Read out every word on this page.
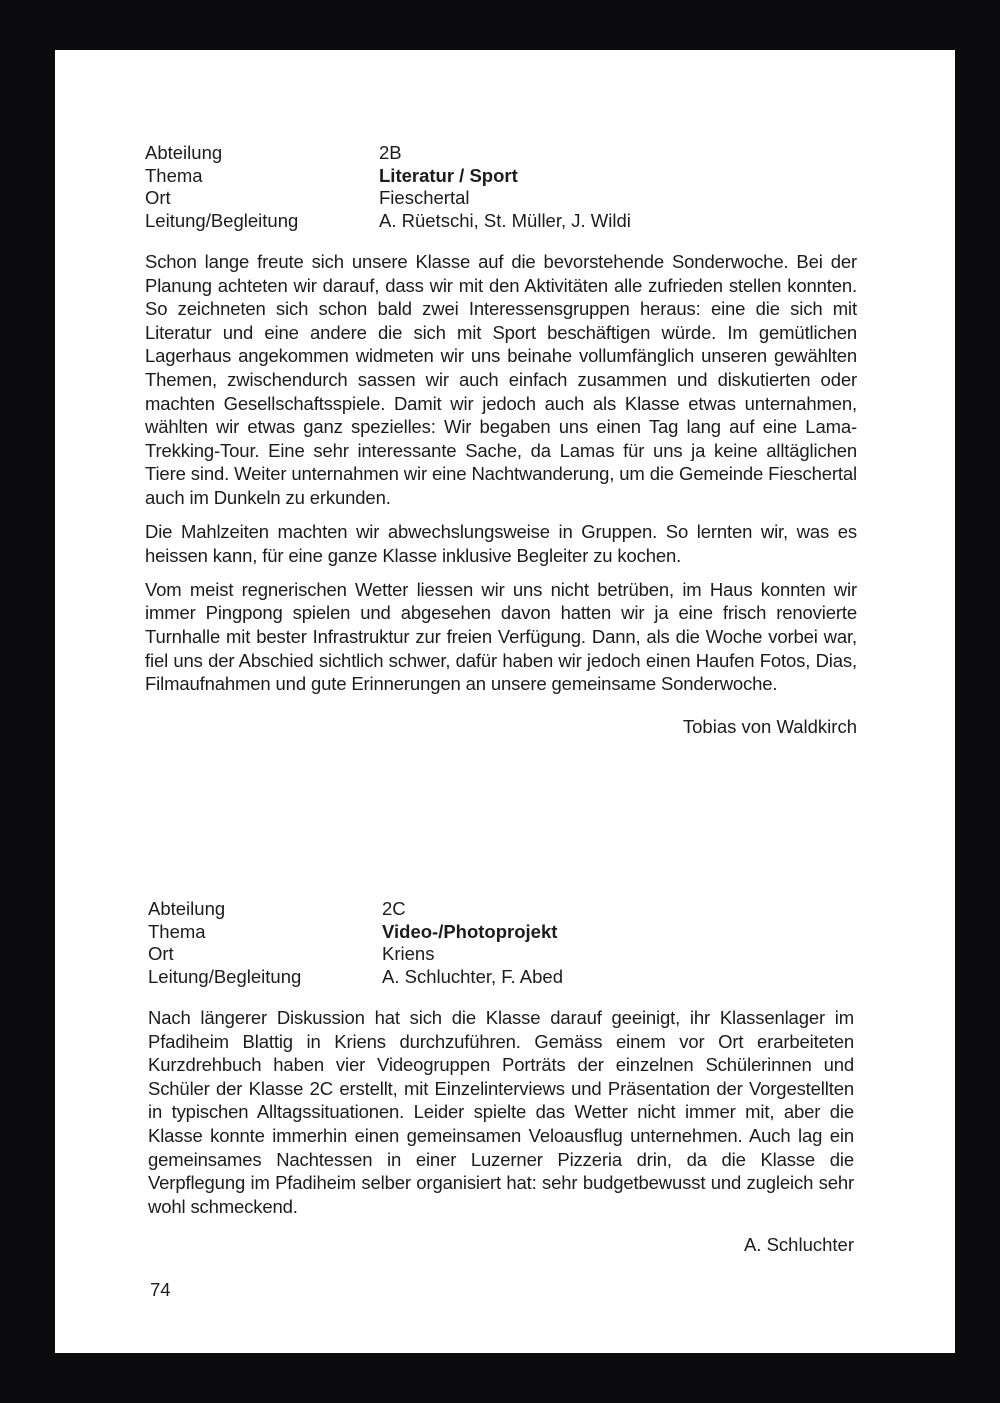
Abteilung	2B
Thema	Literatur / Sport
Ort	Fieschertal
Leitung/Begleitung	A. Rüetschi, St. Müller, J. Wildi

Schon lange freute sich unsere Klasse auf die bevorstehende Sonderwoche. Bei der Planung achteten wir darauf, dass wir mit den Aktivitäten alle zufrieden stellen konnten. So zeichneten sich schon bald zwei Interessensgruppen heraus: eine die sich mit Literatur und eine andere die sich mit Sport beschäftigen würde. Im gemütlichen Lagerhaus angekommen widmeten wir uns beinahe vollumfänglich unseren gewählten Themen, zwischendurch sassen wir auch einfach zusammen und diskutierten oder machten Gesellschaftsspiele. Damit wir jedoch auch als Klasse etwas unternahmen, wählten wir etwas ganz spezielles: Wir begaben uns einen Tag lang auf eine Lama-Trekking-Tour. Eine sehr interessante Sache, da Lamas für uns ja keine alltäglichen Tiere sind. Weiter unternahmen wir eine Nachtwanderung, um die Gemeinde Fieschertal auch im Dunkeln zu erkunden.

Die Mahlzeiten machten wir abwechslungsweise in Gruppen. So lernten wir, was es heissen kann, für eine ganze Klasse inklusive Begleiter zu kochen.

Vom meist regnerischen Wetter liessen wir uns nicht betrüben, im Haus konnten wir immer Pingpong spielen und abgesehen davon hatten wir ja eine frisch renovierte Turnhalle mit bester Infrastruktur zur freien Verfügung. Dann, als die Woche vorbei war, fiel uns der Abschied sichtlich schwer, dafür haben wir jedoch einen Haufen Fotos, Dias, Filmaufnahmen und gute Erinnerungen an unsere gemeinsame Sonderwoche.

Tobias von Waldkirch
Abteilung	2C
Thema	Video-/Photoprojekt
Ort	Kriens
Leitung/Begleitung	A. Schluchter, F. Abed

Nach längerer Diskussion hat sich die Klasse darauf geeinigt, ihr Klassenlager im Pfadiheim Blattig in Kriens durchzuführen. Gemäss einem vor Ort erarbeiteten Kurzdrehbuch haben vier Videogruppen Porträts der einzelnen Schülerinnen und Schüler der Klasse 2C erstellt, mit Einzelinterviews und Präsentation der Vorgestellten in typischen Alltagssituationen. Leider spielte das Wetter nicht immer mit, aber die Klasse konnte immerhin einen gemeinsamen Veloausflug unternehmen. Auch lag ein gemeinsames Nachtessen in einer Luzerner Pizzeria drin, da die Klasse die Verpflegung im Pfadiheim selber organisiert hat: sehr budgetbewusst und zugleich sehr wohl schmeckend.

A. Schluchter
74
